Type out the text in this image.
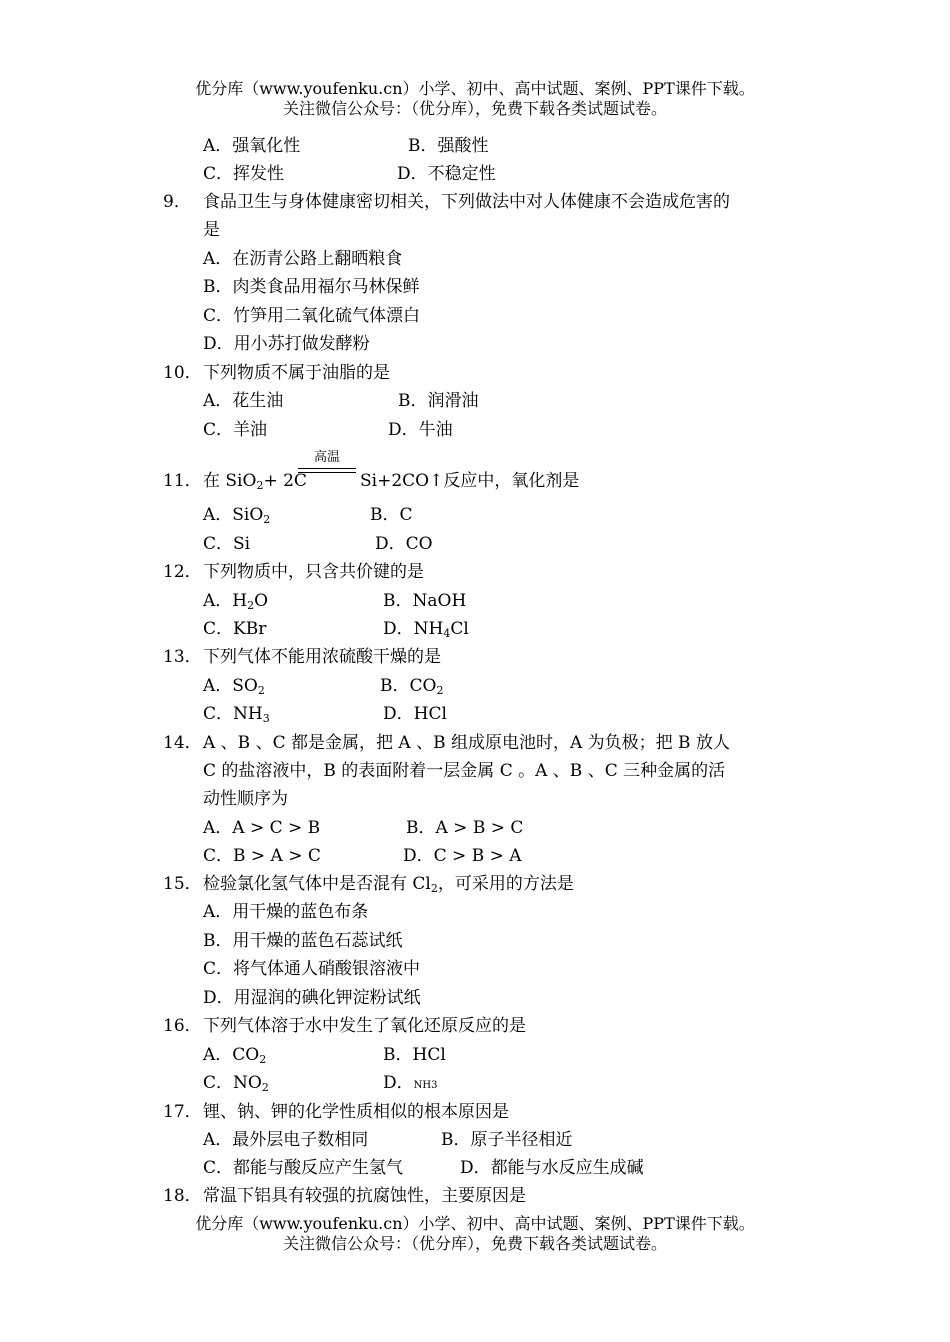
优分库（www.youfenku.cn）小学、初中、高中试题、案例、PPT课件下载。
关注微信公众号：（优分库），免费下载各类试题试卷。
A．强氧化性	B．强酸性
C．挥发性	D．不稳定性
9． 食品卫生与身体健康密切相关，下列做法中对人体健康不会造成危害的
是
A．在沥青公路上翻晒粮食
B．肉类食品用福尔马林保鲜
C．竹笋用二氧化硫气体漂白
D．用小苏打做发酵粉
10． 下列物质不属于油脂的是
A．花生油	B．润滑油
C．羊油	D．牛油
高温
11． 在 SiO$_2$+ 2C	Si+2CO↑反应中，氧化剂是
A．SiO$_2$	B．C
C．Si	D．CO
12． 下列物质中，只含共价键的是
A．$H_2O$	B．NaOH
C．KBr	D．$NH_4Cl$
13． 下列气体不能用浓硫酸干燥的是
A．$SO_2$	B．$CO_2$
C．$NH_3$	D．HCl
14． A 、B 、C 都是金属，把 A 、B 组成原电池时，A 为负极；把 B 放人
C 的盐溶液中，B 的表面附着一层金属 C 。A 、B 、C 三种金属的活
动性顺序为
A．A > C > B	B．A > B > C
C．B > A > C	D．C > B > A
15． 检验氯化氢气体中是否混有 $Cl_2$，可采用的方法是
A．用干燥的蓝色布条
B．用干燥的蓝色石蕊试纸
C．将气体通人硝酸银溶液中
D．用湿润的碘化钾淀粉试纸
16． 下列气体溶于水中发生了氧化还原反应的是
A．$CO_2$	B．HCl
C．$NO_2$	D．NH3
17． 锂、钠、钾的化学性质相似的根本原因是
A．最外层电子数相同	B．原子半径相近
C．都能与酸反应产生氢气	D．都能与水反应生成碱
18． 常温下铝具有较强的抗腐蚀性，主要原因是
优分库（www.youfenku.cn）小学、初中、高中试题、案例、PPT课件下载。
关注微信公众号：（优分库），免费下载各类试题试卷。
